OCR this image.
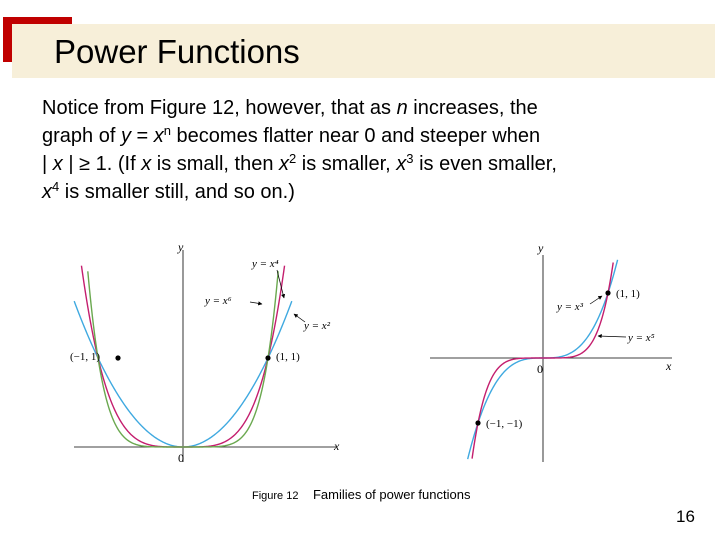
Power Functions
Notice from Figure 12, however, that as n increases, the
graph of $y = x^n$ becomes flatter near 0 and steeper when
| x | ≥ 1. (If x is small, then $x^2$ is smaller, $x^3$ is even smaller,
$x^4$ is smaller still, and so on.)
y
x
0
(−1, 1)	(1, 1)
y = x⁴
y = x⁶
y = x²
y
x
0
(1, 1)
(−1, −1)
y = x³
y = x⁵
Figure 12 Families of power functions
16
